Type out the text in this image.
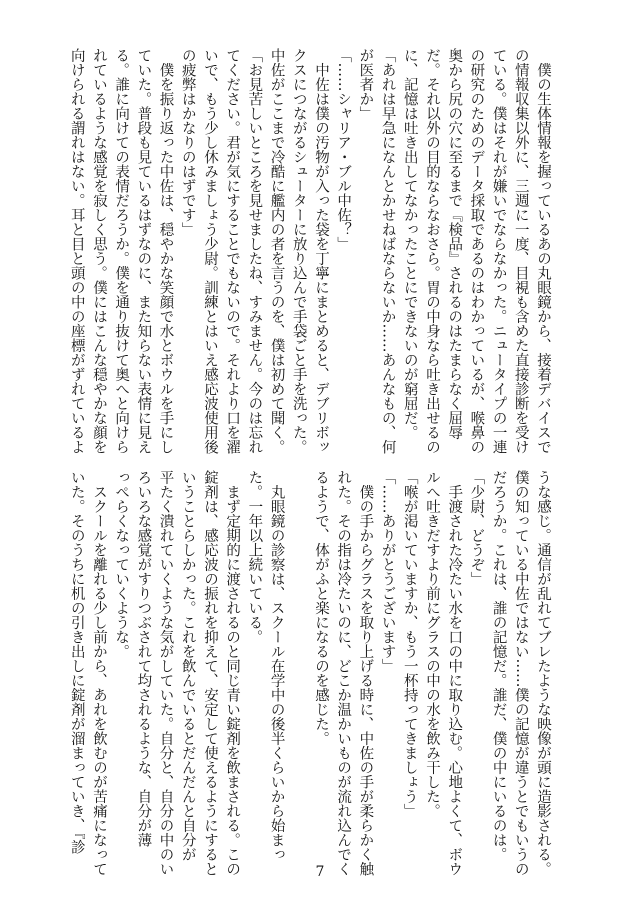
　僕の生体情報を握っているあの丸眼鏡から、接着デバイスで

の情報収集以外に、三週に一度、目視も含めた直接診断を受け

ている。僕はそれが嫌いでならなかった。ニュータイプの一連

の研究のためのデータ採取であるのはわかっているが、喉鼻の

奥から尻の穴に至るまで『検品』されるのはたまらなく屈辱

だ。それ以外の目的ならなおさら。胃の中身なら吐き出せるの

に、記憶は吐き出してなかったことにできないのが窮屈だ。

「あれは早急になんとかせねばならないか……あんなもの、何

が医者か」

「……シャリア・ブル中佐？」

　中佐は僕の汚物が入った袋を丁寧にまとめると、デブリボッ

クスにつながるシューターに放り込んで手袋ごと手を洗った。

中佐がここまで冷酷に艦内の者を言うのを、僕は初めて聞く。

「お見苦しいところを見せましたね、すみません。今のは忘れ

てください。君が気にすることでもないので。それより口を濯

いで、もう少し休みましょう少尉。訓練とはいえ感応波使用後

の疲弊はかなりのはずです」

　僕を振り返った中佐は、穏やかな笑顔で水とボウルを手にし

ていた。普段も見ているはずなのに、また知らない表情に見え

る。誰に向けての表情だろうか。僕を通り抜けて奥へと向けら

れているような感覚を寂しく思う。僕にはこんな穏やかな顔を

向けられる謂れはない。耳と目と頭の中の座標がずれているよ

うな感じ。通信が乱れてブレたような映像が頭に造影される。

僕の知っている中佐ではない……僕の記憶が違うとでもいうの

だろうか。これは、誰の記憶だ。誰だ、僕の中にいるのは。

「少尉、どうぞ」

　手渡された冷たい水を口の中に取り込む。心地よくて、ボウ

ルへ吐きだすより前にグラスの中の水を飲み干した。

「喉が渇いていますか、もう一杯持ってきましょう」

「……ありがとうございます」

　僕の手からグラスを取り上げる時に、中佐の手が柔らかく触

れた。その指は冷たいのに、どこか温かいものが流れ込んでく

るようで、体がふと楽になるのを感じた。

　丸眼鏡の診察は、スクール在学中の後半くらいから始まっ

た。一年以上続いている。

　まず定期的に渡されるのと同じ青い錠剤を飲まされる。この

錠剤は、感応波の振れを抑えて、安定して使えるようにすると

いうことらしかった。これを飲んでいるとだんだんと自分が

平たく潰れていくような気がしていた。自分と、自分の中のい

ろいろな感覚がすりつぶされて均されるような、自分が薄

っぺらくなっていくような。

　スクールを離れる少し前から、あれを飲むのが苦痛になって

いた。そのうちに机の引き出しに錠剤が溜まっていき、『診

7
